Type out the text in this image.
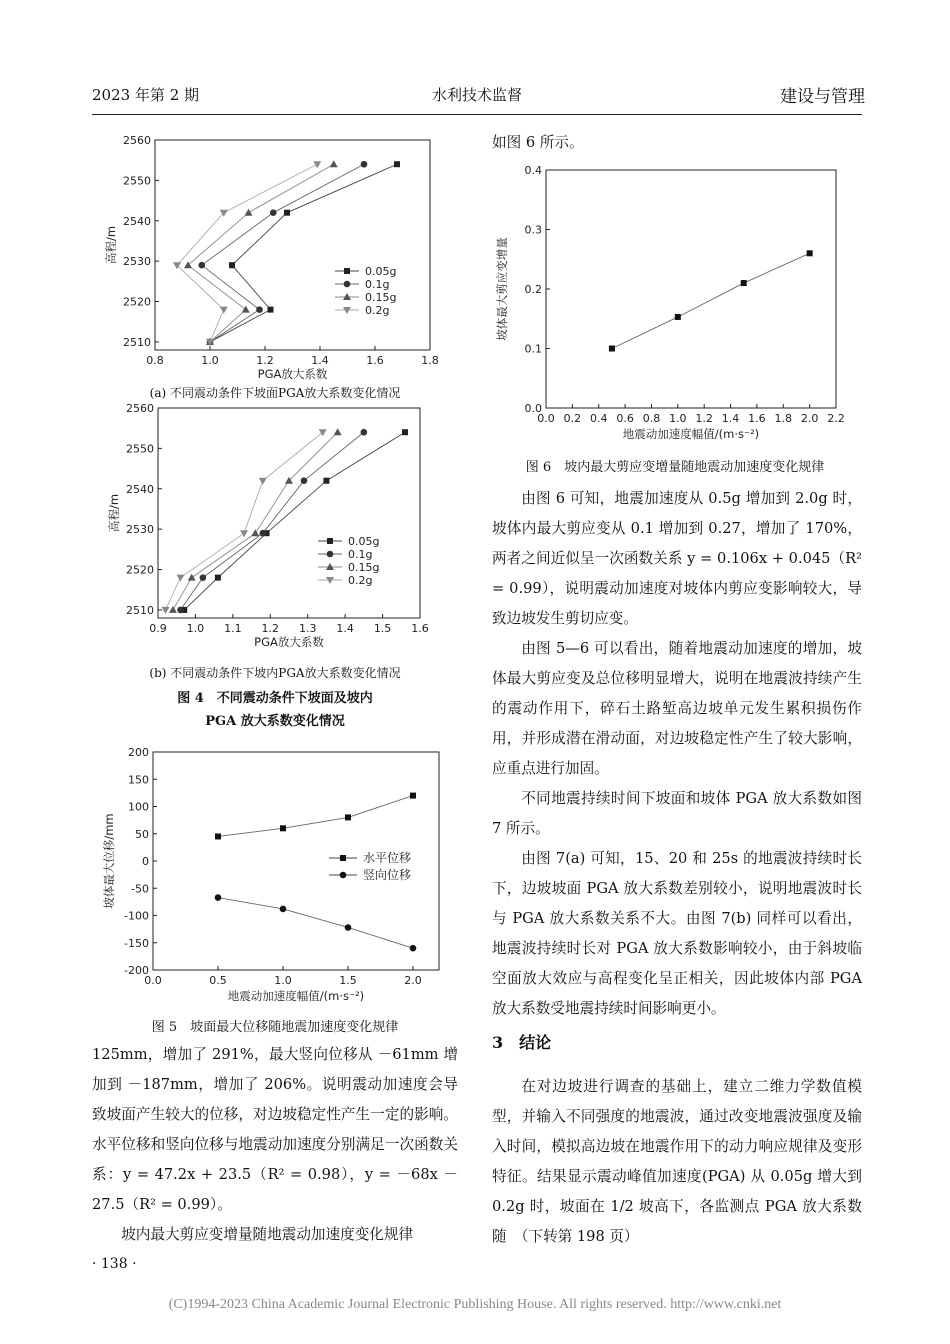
2023 年第 2 期	水利技术监督	建设与管理
0.8	1.0	1.2	1.4	1.6	1.8
2510
2520
2530
2540
2550
2560
PGA放大系数
高程/m
0.05g
0.1g
0.15g
0.2g
(a) 不同震动条件下坡面PGA放大系数变化情况
0.9 1.0 1.1 1.2 1.3 1.4 1.5 1.6
2510
2520
2530
2540
2550
2560
PGA放大系数
高程/m
0.05g
0.1g
0.15g
0.2g
(b) 不同震动条件下坡内PGA放大系数变化情况
图 4　不同震动条件下坡面及坡内
PGA 放大系数变化情况
0.0	0.5	1.0	1.5	2.0
-200
-150
-100
-50
0
50
100
150
200
地震动加速度幅值/(m·s⁻²)
坡体最大位移/mm	水平位移
竖向位移
图 5　坡面最大位移随地震加速度变化规律
0.0 0.2 0.4 0.6 0.8 1.0 1.2 1.4 1.6 1.8 2.0 2.2
0.0
0.1
0.2
0.3
0.4
地震动加速度幅值/(m·s⁻²)
坡体最大剪应变增量
图 6　坡内最大剪应变增量随地震动加速度变化规律

125mm，增加了 291%，最大竖向位移从 －61mm 增加到 －187mm，增加了 206%。说明震动加速度会导致坡面产生较大的位移，对边坡稳定性产生一定的影响。水平位移和竖向位移与地震动加速度分别满足一次函数关系：y = 47.2x + 23.5（R² = 0.98），y = －68x －27.5（R² = 0.99）。

坡内最大剪应变增量随地震动加速度变化规律

如图 6 所示。

由图 6 可知，地震加速度从 0.5g 增加到 2.0g 时，坡体内最大剪应变从 0.1 增加到 0.27，增加了 170%，两者之间近似呈一次函数关系 y = 0.106x + 0.045（R² = 0.99），说明震动加速度对坡体内剪应变影响较大，导致边坡发生剪切应变。

由图 5—6 可以看出，随着地震动加速度的增加，坡体最大剪应变及总位移明显增大，说明在地震波持续产生的震动作用下，碎石土路堑高边坡单元发生累积损伤作用，并形成潜在滑动面，对边坡稳定性产生了较大影响，应重点进行加固。

不同地震持续时间下坡面和坡体 PGA 放大系数如图 7 所示。

由图 7(a) 可知，15、20 和 25s 的地震波持续时长下，边坡坡面 PGA 放大系数差别较小，说明地震波时长与 PGA 放大系数关系不大。由图 7(b) 同样可以看出，地震波持续时长对 PGA 放大系数影响较小，由于斜坡临空面放大效应与高程变化呈正相关，因此坡体内部 PGA 放大系数受地震持续时间影响更小。

3　结论

在对边坡进行调查的基础上，建立二维力学数值模型，并输入不同强度的地震波，通过改变地震波强度及输入时间，模拟高边坡在地震作用下的动力响应规律及变形特征。结果显示震动峰值加速度(PGA) 从 0.05g 增大到 0.2g 时，坡面在 1/2 坡高下，各监测点 PGA 放大系数随　（下转第 198 页）

· 138 ·
(C)1994-2023 China Academic Journal Electronic Publishing House. All rights reserved. http://www.cnki.net
